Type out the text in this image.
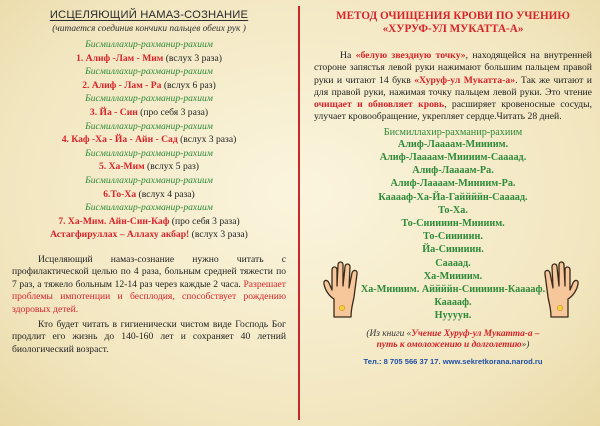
ИСЦЕЛЯЮЩИЙ НАМАЗ-СОЗНАНИЕ
(читается соединив кончики пальцев обеих рук )
Бисмиллахир-рахманир-рахиим
1. Алиф -Лам - Мим (вслух 3 раза)
Бисмиллахир-рахманир-рахиим
2. Алиф - Лам - Ра (вслух 6 раз)
Бисмиллахир-рахманир-рахиим
3. Йа - Син (про себя 3 раза)
Бисмиллахир-рахманир-рахиим
4. Каф -Ха - Йа - Айн - Сад (вслух 3 раза)
Бисмиллахир-рахманир-рахиим
5. Ха-Мим (вслух 5 раз)
Бисмиллахир-рахманир-рахиим
6.То-Ха (вслух 4 раза)
Бисмиллахир-рахманир-рахиим
7. Ха-Мим. Айн-Син-Каф (про себя 3 раза)
Астагфируллах – Аллаху акбар! (вслух 3 раза)
Исцеляющий намаз-сознание нужно читать с профилактической целью по 4 раза, больным средней тяжести по 7 раз, а тяжело больным 12-14 раз через каждые 2 часа. Разрешает проблемы импотенции и бесплодия, способствует рождению здоровых детей.
Кто будет читать в гигиенически чистом виде Господь Бог продлит его жизнь до 140-160 лет и сохраняет 40 летний биологический возраст.
МЕТОД ОЧИЩЕНИЯ КРОВИ ПО УЧЕНИЮ
«ХУРУФ-УЛ МУКАТТА-А»
На «белую звездную точку», находящейся на внутренней стороне запястья левой руки нажимают большим пальцем правой руки и читают 14 букв «Хуруф-ул Мукатта-а». Так же читают и для правой руки, нажимая точку пальцем левой руки. Это чтение очищает и обновляет кровь, расширяет кровеносные сосуды, улучает кровообращение, укрепляет сердце.Читать 28 дней.
Бисмиллахир-рахманир-рахиим
Алиф-Лаааам-Миииим.
Алиф-Лаааам-Миииим-Саааад.
Алиф-Лаааам-Ра.
Алиф-Лаааам-Миииим-Ра.
Кааааф-Ха-Йа-Гаййййн-Саааад.
То-Ха.
То-Сииииин-Миииим.
То-Сииииин.
Йа-Сииииин.
Саааад.
Ха-Миииим.
Ха-Миииим. Аййййн-Сииииин-Кааааф.
Кааааф.
Нуууун.
(Из книги «Учение Хуруф-ул Мукатта-а –
путь к омоложению и долголетию»)
Тел.: 8 705 566 37 17. www.sekretkorana.narod.ru
